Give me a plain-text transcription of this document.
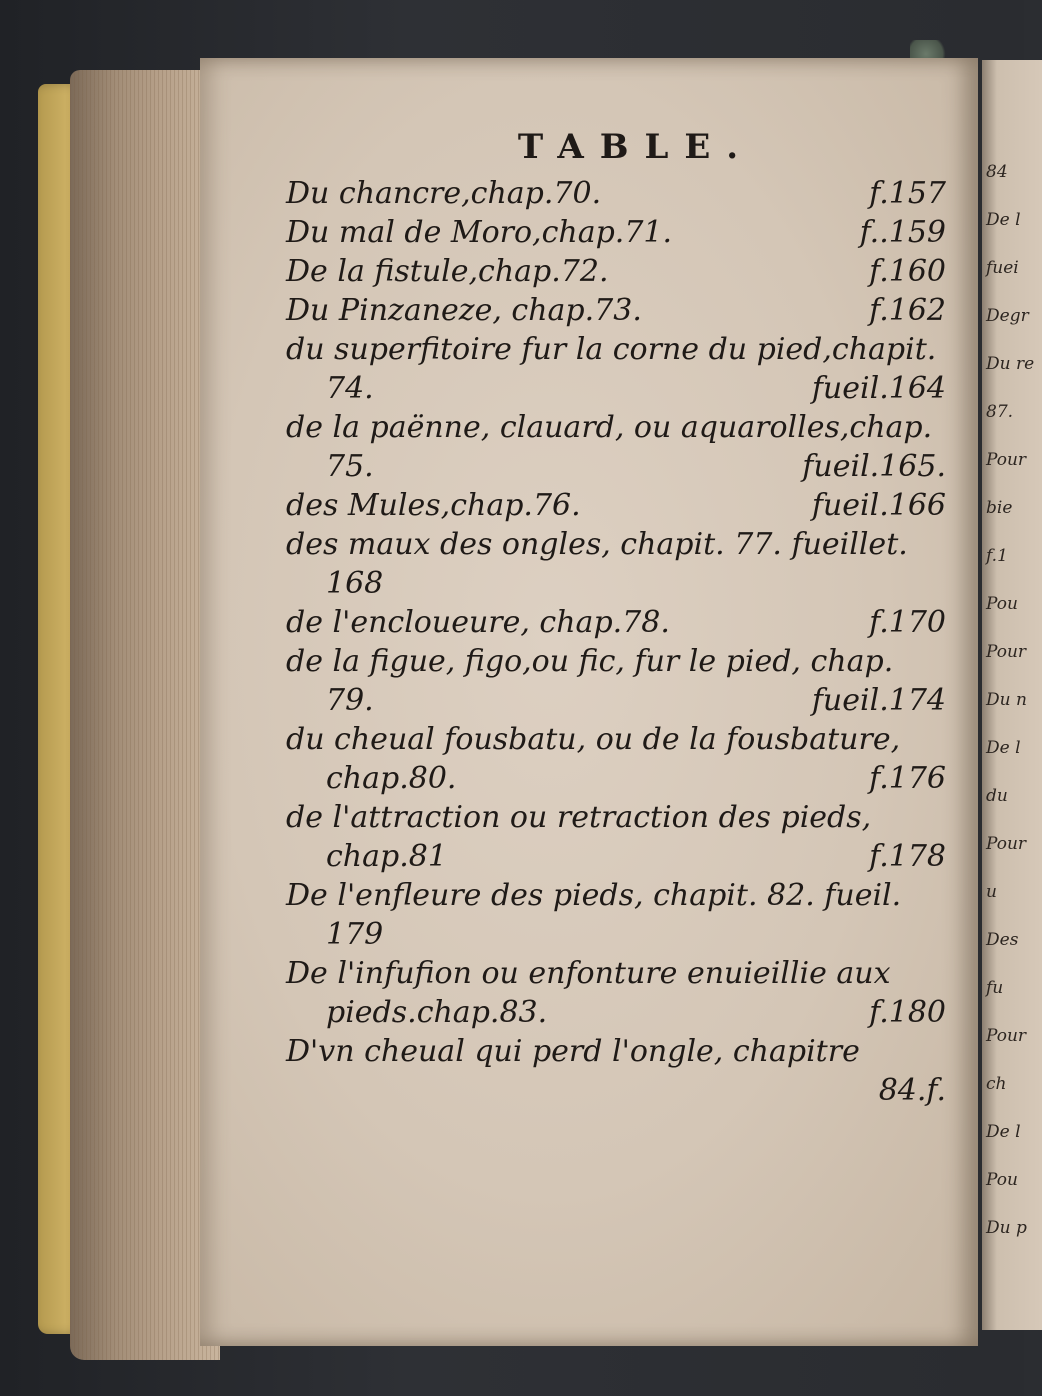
84
De l
fuei
Degr
Du re
87.
Pour
bie
f.1
Pou
Pour
Du n
De l
du
Pour
u
Des
fu
Pour
ch
De l
Pou
Du p
TABLE.
Du chancre,chap.70.	f.157
Du mal de Moro,chap.71.	f..159
De la fistule,chap.72.	f.160
Du Pinzaneze, chap.73.	f.162
du superfitoire fur la corne du pied,chapit.
74.	fueil.164
de la paënne, clauard, ou aquarolles,chap.
75.	fueil.165.
des Mules,chap.76.	fueil.166
des maux des ongles, chapit. 77. fueillet.
168
de l'encloueure, chap.78.	f.170
de la figue, figo,ou fic, fur le pied, chap.
79.	fueil.174
du cheual fousbatu, ou de la fousbature,
chap.80.	f.176
de l'attraction ou retraction des pieds,
chap.81	f.178
De l'enfleure des pieds, chapit. 82. fueil.
179
De l'infufion ou enfonture enuieillie aux
pieds.chap.83.	f.180
D'vn cheual qui perd l'ongle, chapitre
84.f.
